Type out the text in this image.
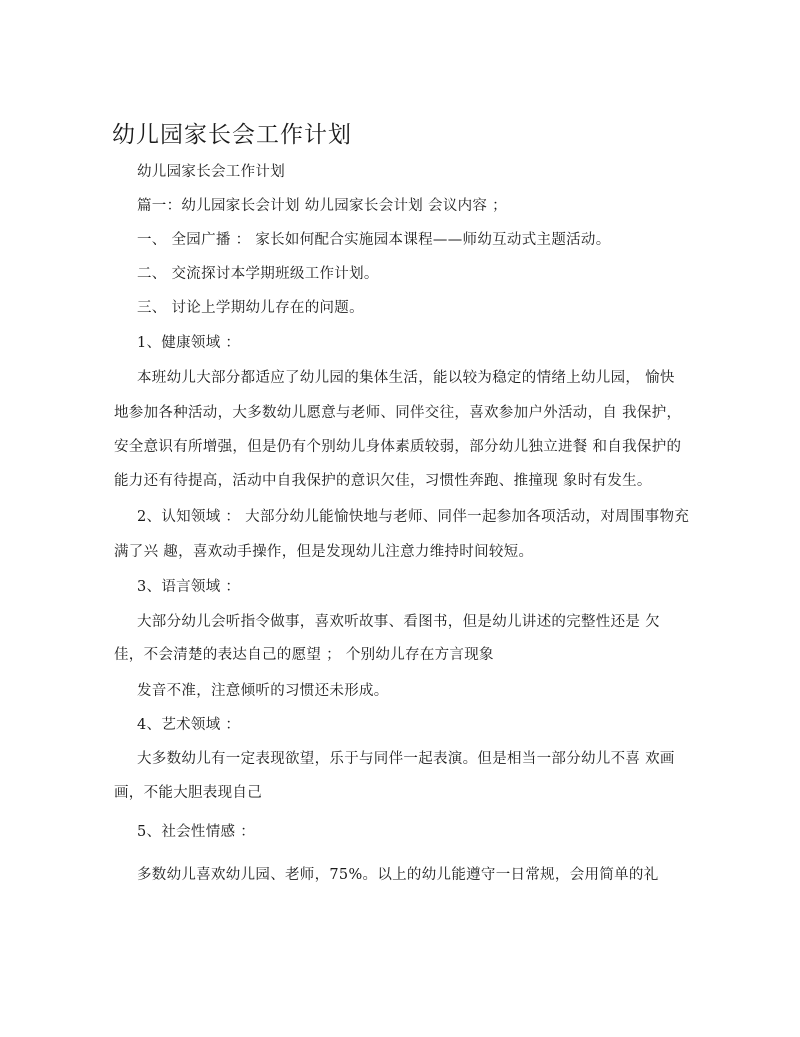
幼儿园家长会工作计划

幼儿园家长会工作计划

篇一：幼儿园家长会计划 幼儿园家长会计划 会议内容 ；

一、 全园广播 ： 家长如何配合实施园本课程——师幼互动式主题活动。

二、 交流探讨本学期班级工作计划。

三、 讨论上学期幼儿存在的问题。

1、健康领域 ：

本班幼儿大部分都适应了幼儿园的集体生活，能以较为稳定的情绪上幼儿园， 愉快

地参加各种活动，大多数幼儿愿意与老师、同伴交往，喜欢参加户外活动，自 我保护，

安全意识有所增强，但是仍有个别幼儿身体素质较弱，部分幼儿独立进餐 和自我保护的

能力还有待提高，活动中自我保护的意识欠佳，习惯性奔跑、推撞现 象时有发生。

2、认知领域 ： 大部分幼儿能愉快地与老师、同伴一起参加各项活动，对周围事物充

满了兴 趣，喜欢动手操作，但是发现幼儿注意力维持时间较短。

3、语言领域 ：

大部分幼儿会听指令做事，喜欢听故事、看图书，但是幼儿讲述的完整性还是 欠

佳，不会清楚的表达自己的愿望 ； 个别幼儿存在方言现象

发音不准，注意倾听的习惯还未形成。

4、艺术领域 ：

大多数幼儿有一定表现欲望，乐于与同伴一起表演。但是相当一部分幼儿不喜 欢画

画，不能大胆表现自己

5、社会性情感 ：

多数幼儿喜欢幼儿园、老师，75%。以上的幼儿能遵守一日常规，会用简单的礼
